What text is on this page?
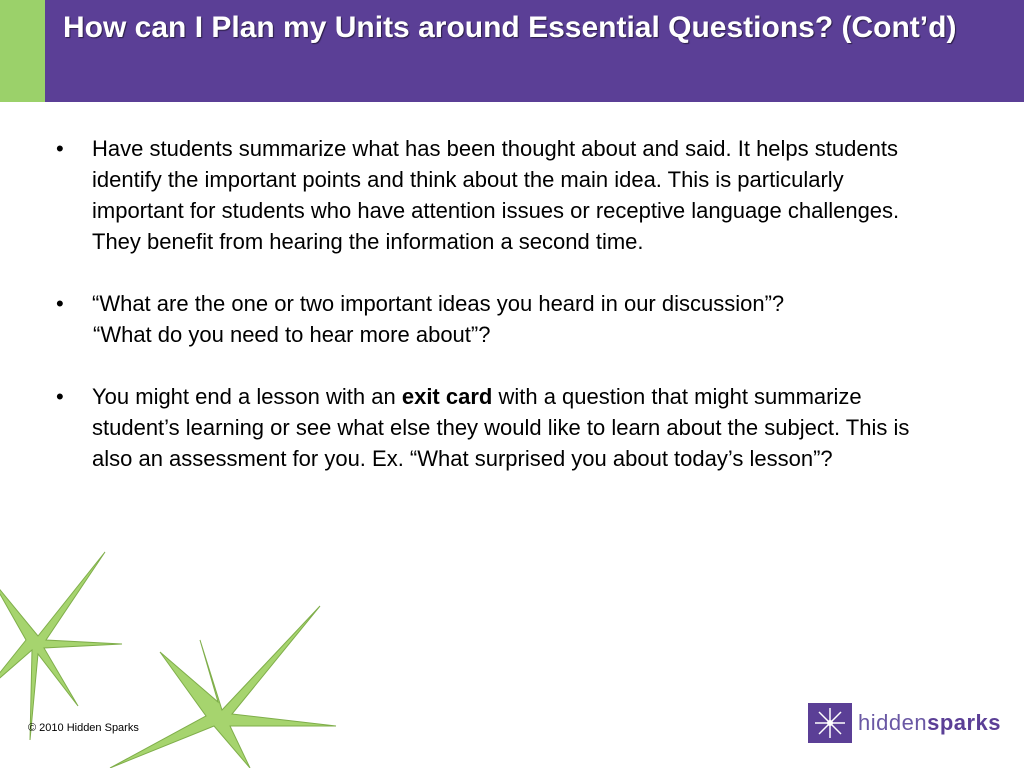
How can I Plan my Units around Essential Questions? (Cont’d)
•	Have students summarize what has been thought about and said. It helps students identify the important points and think about the main idea. This is particularly important for students who have attention issues or receptive language challenges. They benefit from hearing the information a second time.
•	“What are the one or two important ideas you heard in our discussion”?
“What do you need to hear more about”?
•	You might end a lesson with an exit card with a question that might summarize student’s learning or see what else they would like to learn about the subject. This is also an assessment for you. Ex. “What surprised you about today’s lesson”?
© 2010 Hidden Sparks	hiddensparks
